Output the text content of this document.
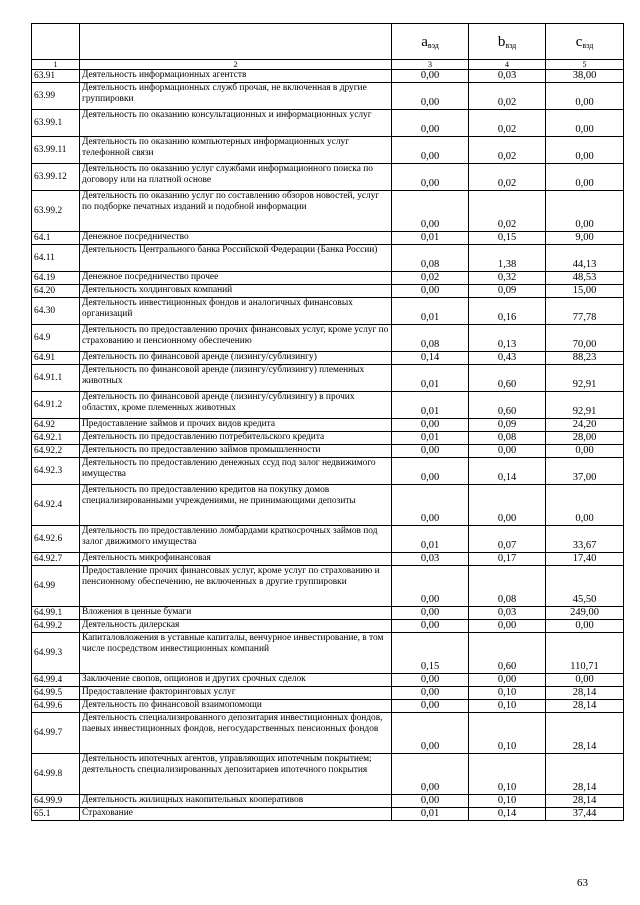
		$a_{вэд}$	$b_{вэд}$	$c_{вэд}$
1	2	3	4	5
63.91	Деятельность информационных агентств	0,00	0,03	38,00
63.99	Деятельность информационных служб прочая, не включенная в другие группировки	0,00	0,02	0,00
63.99.1	Деятельность по оказанию консультационных и информационных услуг	0,00	0,02	0,00
63.99.11	Деятельность по оказанию компьютерных информационных услуг телефонной связи	0,00	0,02	0,00
63.99.12	Деятельность по оказанию услуг службами информационного поиска по договору или на платной основе	0,00	0,02	0,00
63.99.2	Деятельность по оказанию услуг по составлению обзоров новостей, услуг по подборке печатных изданий и подобной информации	0,00	0,02	0,00
64.1	Денежное посредничество	0,01	0,15	9,00
64.11	Деятельность Центрального банка Российской Федерации (Банка России)	0,08	1,38	44,13
64.19	Денежное посредничество прочее	0,02	0,32	48,53
64.20	Деятельность холдинговых компаний	0,00	0,09	15,00
64.30	Деятельность инвестиционных фондов и аналогичных финансовых организаций	0,01	0,16	77,78
64.9	Деятельность по предоставлению прочих финансовых услуг, кроме услуг по страхованию и пенсионному обеспечению	0,08	0,13	70,00
64.91	Деятельность по финансовой аренде (лизингу/сублизингу)	0,14	0,43	88,23
64.91.1	Деятельность по финансовой аренде (лизингу/сублизингу) племенных животных	0,01	0,60	92,91
64.91.2	Деятельность по финансовой аренде (лизингу/сублизингу) в прочих областях, кроме племенных животных	0,01	0,60	92,91
64.92	Предоставление займов и прочих видов кредита	0,00	0,09	24,20
64.92.1	Деятельность по предоставлению потребительского кредита	0,01	0,08	28,00
64.92.2	Деятельность по предоставлению займов промышленности	0,00	0,00	0,00
64.92.3	Деятельность по предоставлению денежных ссуд под залог недвижимого имущества	0,00	0,14	37,00
64.92.4	Деятельность по предоставлению кредитов на покупку домов специализированными учреждениями, не принимающими депозиты	0,00	0,00	0,00
64.92.6	Деятельность по предоставлению ломбардами краткосрочных займов под залог движимого имущества	0,01	0,07	33,67
64.92.7	Деятельность микрофинансовая	0,03	0,17	17,40
64.99	Предоставление прочих финансовых услуг, кроме услуг по страхованию и пенсионному обеспечению, не включенных в другие группировки	0,00	0,08	45,50
64.99.1	Вложения в ценные бумаги	0,00	0,03	249,00
64.99.2	Деятельность дилерская	0,00	0,00	0,00
64.99.3	Капиталовложения в уставные капиталы, венчурное инвестирование, в том числе посредством инвестиционных компаний	0,15	0,60	110,71
64.99.4	Заключение свопов, опционов и других срочных сделок	0,00	0,00	0,00
64.99.5	Предоставление факторинговых услуг	0,00	0,10	28,14
64.99.6	Деятельность по финансовой взаимопомощи	0,00	0,10	28,14
64.99.7	Деятельность специализированного депозитария инвестиционных фондов, паевых инвестиционных фондов, негосударственных пенсионных фондов	0,00	0,10	28,14
64.99.8	Деятельность ипотечных агентов, управляющих ипотечным покрытием; деятельность специализированных депозитариев ипотечного покрытия	0,00	0,10	28,14
64.99.9	Деятельность жилищных накопительных кооперативов	0,00	0,10	28,14
65.1	Страхование	0,01	0,14	37,44
63
